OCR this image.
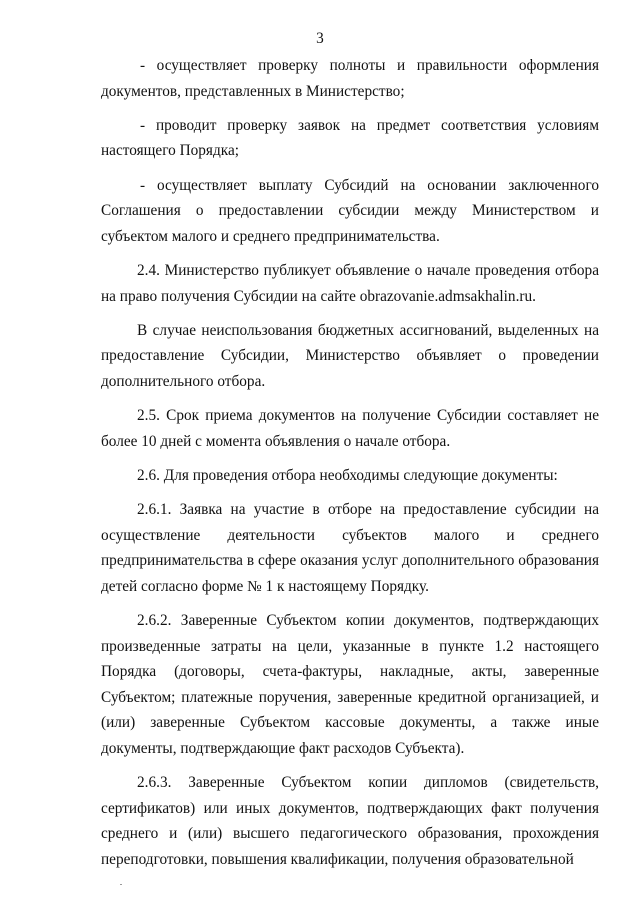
3

- осуществляет проверку полноты и правильности оформления документов, представленных в Министерство;

- проводит проверку заявок на предмет соответствия условиям настоящего Порядка;

- осуществляет выплату Субсидий на основании заключенного Соглашения о предоставлении субсидии между Министерством и субъектом малого и среднего предпринимательства.

2.4. Министерство публикует объявление о начале проведения отбора на право получения Субсидии на сайте obrazovanie.admsakhalin.ru.

В случае неиспользования бюджетных ассигнований, выделенных на предоставление Субсидии, Министерство объявляет о проведении дополнительного отбора.

2.5. Срок приема документов на получение Субсидии составляет не более 10 дней с момента объявления о начале отбора.

2.6. Для проведения отбора необходимы следующие документы:

2.6.1. Заявка на участие в отборе на предоставление субсидии на осуществление деятельности субъектов малого и среднего предпринимательства в сфере оказания услуг дополнительного образования детей согласно форме № 1 к настоящему Порядку.

2.6.2. Заверенные Субъектом копии документов, подтверждающих произведенные затраты на цели, указанные в пункте 1.2 настоящего Порядка (договоры, счета-фактуры, накладные, акты, заверенные Субъектом; платежные поручения, заверенные кредитной организацией, и (или) заверенные Субъектом кассовые документы, а также иные документы, подтверждающие факт расходов Субъекта).

2.6.3. Заверенные Субъектом копии дипломов (свидетельств, сертификатов) или иных документов, подтверждающих факт получения среднего и (или) высшего педагогического образования, прохождения переподготовки, повышения квалификации, получения образовательной
